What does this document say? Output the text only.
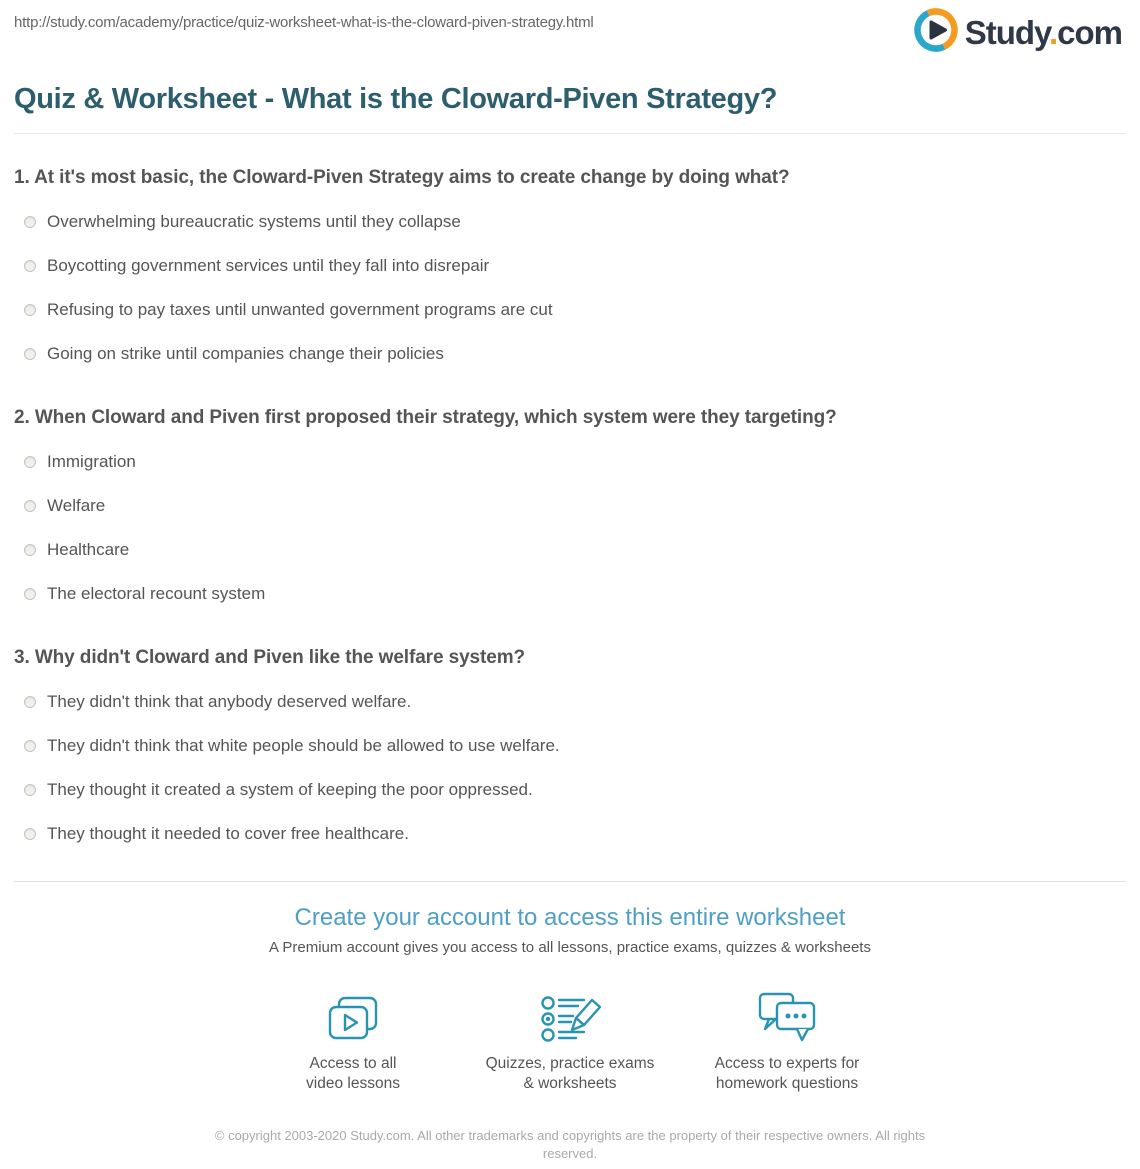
http://study.com/academy/practice/quiz-worksheet-what-is-the-cloward-piven-strategy.html	Study.com
Quiz & Worksheet - What is the Cloward-Piven Strategy?
1. At it's most basic, the Cloward-Piven Strategy aims to create change by doing what?
Overwhelming bureaucratic systems until they collapse
Boycotting government services until they fall into disrepair
Refusing to pay taxes until unwanted government programs are cut
Going on strike until companies change their policies
2. When Cloward and Piven first proposed their strategy, which system were they targeting?
Immigration
Welfare
Healthcare
The electoral recount system
3. Why didn't Cloward and Piven like the welfare system?
They didn't think that anybody deserved welfare.
They didn't think that white people should be allowed to use welfare.
They thought it created a system of keeping the poor oppressed.
They thought it needed to cover free healthcare.
Create your account to access this entire worksheet
A Premium account gives you access to all lessons, practice exams, quizzes & worksheets
Access to all
video lessons
Quizzes, practice exams
& worksheets
Access to experts for
homework questions
© copyright 2003-2020 Study.com. All other trademarks and copyrights are the property of their respective owners. All rights reserved.
